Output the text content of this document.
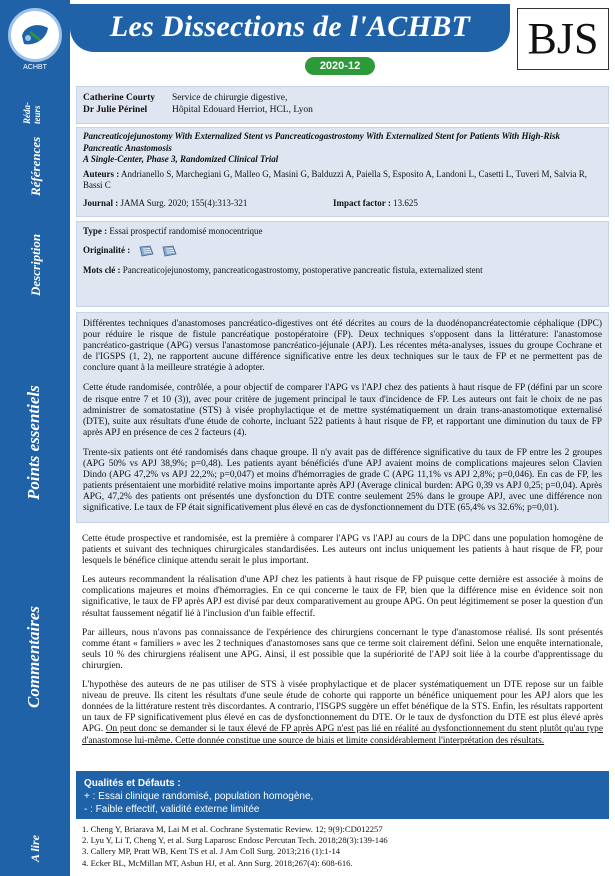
ACHBT
Les Dissections de l'ACHBT
2020-12
BJS
Réda-
teurs
Références
Description
Points essentiels
Commentaires
A lire
Catherine Courty
Dr Julie Périnel
Service de chirurgie digestive,
Hôpital Edouard Herriot, HCL, Lyon
Pancreaticojejunostomy With Externalized Stent vs Pancreaticogastrostomy With Externalized Stent for Patients With High-Risk Pancreatic Anastomosis
A Single-Center, Phase 3, Randomized Clinical Trial
Auteurs : Andrianello S, Marchegiani G, Malleo G, Masini G, Balduzzi A, Paiella S, Esposito A, Landoni L, Casetti L, Tuveri M, Salvia R, Bassi C
Journal : JAMA Surg. 2020; 155(4):313-321	Impact factor : 13.625
Type : Essai prospectif randomisé monocentrique
Originalité :
Mots clé : Pancreaticojejunostomy, pancreaticogastrostomy, postoperative pancreatic fistula, externalized stent

Différentes techniques d'anastomoses pancréatico-digestives ont été décrites au cours de la duodénopancréatectomie céphalique (DPC) pour réduire le risque de fistule pancréatique postopératoire (FP). Deux techniques s'opposent dans la littérature: l'anastomose pancréatico-gastrique (APG) versus l'anastomose pancréatico-jéjunale (APJ). Les récentes méta-analyses, issues du groupe Cochrane et de l'IGSPS (1, 2), ne rapportent aucune différence significative entre les deux techniques sur le taux de FP et ne permettent pas de conclure quant à la meilleure stratégie à adopter.

Cette étude randomisée, contrôlée, a pour objectif de comparer l'APG vs l'APJ chez des patients à haut risque de FP (défini par un score de risque entre 7 et 10 (3)), avec pour critère de jugement principal le taux d'incidence de FP. Les auteurs ont fait le choix de ne pas administrer de somatostatine (STS) à visée prophylactique et de mettre systématiquement un drain trans-anastomotique externalisé (DTE), suite aux résultats d'une étude de cohorte, incluant 522 patients à haut risque de FP, et rapportant une diminution du taux de FP après APJ en présence de ces 2 facteurs (4).

Trente-six patients ont été randomisés dans chaque groupe. Il n'y avait pas de différence significative du taux de FP entre les 2 groupes (APG 50% vs APJ 38,9%; p=0,48). Les patients ayant bénéficiés d'une APJ avaient moins de complications majeures selon Clavien Dindo (APG 47,2% vs APJ 22,2%; p=0,047) et moins d'hémorragies de grade C (APG 11,1% vs APJ 2,8%; p=0,046). En cas de FP, les patients présentaient une morbidité relative moins importante après APJ (Average clinical burden: APG 0,39 vs APJ 0,25; p=0,04). Après APG, 47,2% des patients ont présentés une dysfonction du DTE contre seulement 25% dans le groupe APJ, avec une différence non significative. Le taux de FP était significativement plus élevé en cas de dysfonctionnement du DTE (65,4% vs 32.6%; p=0,01).

Cette étude prospective et randomisée, est la première à comparer l'APG vs l'APJ au cours de la DPC dans une population homogène de patients et suivant des techniques chirurgicales standardisées. Les auteurs ont inclus uniquement les patients à haut risque de FP, pour lesquels le bénéfice clinique attendu serait le plus important.

Les auteurs recommandent la réalisation d'une APJ chez les patients à haut risque de FP puisque cette dernière est associée à moins de complications majeures et moins d'hémorragies. En ce qui concerne le taux de FP, bien que la différence mise en évidence soit non significative, le taux de FP après APJ est divisé par deux comparativement au groupe APG. On peut légitimement se poser la question d'un résultat faussement négatif lié à l'inclusion d'un faible effectif.

Par ailleurs, nous n'avons pas connaissance de l'expérience des chirurgiens concernant le type d'anastomose réalisé. Ils sont présentés comme étant « familiers » avec les 2 techniques d'anastomoses sans que ce terme soit clairement défini. Selon une enquête internationale, seuls 10 % des chirurgiens réalisent une APG. Ainsi, il est possible que la supériorité de l'APJ soit liée à la courbe d'apprentissage du chirurgien.

L'hypothèse des auteurs de ne pas utiliser de STS à visée prophylactique et de placer systématiquement un DTE repose sur un faible niveau de preuve. Ils citent les résultats d'une seule étude de cohorte qui rapporte un bénéfice uniquement pour les APJ alors que les données de la littérature restent très discordantes. A contrario, l'ISGPS suggère un effet bénéfique de la STS. Enfin, les résultats rapportent un taux de FP significativement plus élevé en cas de dysfonctionnement du DTE. Or le taux de dysfonction du DTE est plus élevé après APG. On peut donc se demander si le taux élevé de FP après APG n'est pas lié en réalité au dysfonctionnement du stent plutôt qu'au type d'anastomose lui-même. Cette donnée constitue une source de biais et limite considérablement l'interprétation des résultats.

Qualités et Défauts :
+ : Essai clinique randomisé, population homogène,
- : Faible effectif, validité externe limitée
1. Cheng Y, Briarava M, Lai M et al. Cochrane Systematic Review. 12; 9(9):CD012257
2. Lyu Y, Li T, Cheng Y, et al. Surg Laparosc Endosc Percutan Tech. 2018;28(3):139-146
3. Callery MP, Pratt WB, Kent TS et al. J Am Coll Surg. 2013;216 (1):1-14
4. Ecker BL, McMillan MT, Asbun HJ, et al. Ann Surg. 2018;267(4): 608-616.
